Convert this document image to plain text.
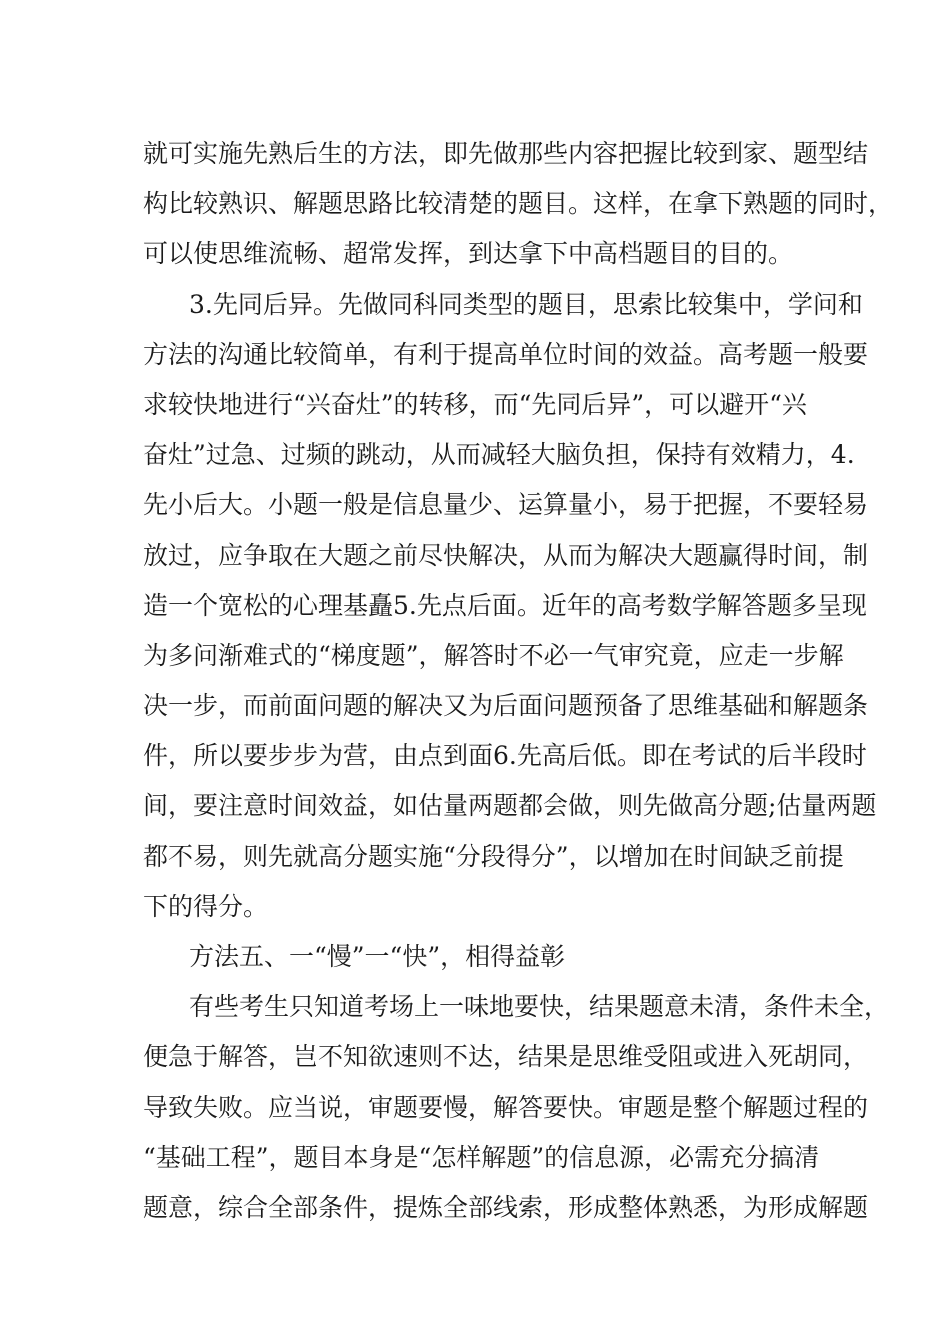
就可实施先熟后生的方法，即先做那些内容把握比较到家、题型结
构比较熟识、解题思路比较清楚的题目。这样，在拿下熟题的同时，
可以使思维流畅、超常发挥，到达拿下中高档题目的目的。
3.先同后异。先做同科同类型的题目，思索比较集中，学问和
方法的沟通比较简单，有利于提高单位时间的效益。高考题一般要
求较快地进行“兴奋灶”的转移，而“先同后异”，可以避开“兴
奋灶”过急、过频的跳动，从而减轻大脑负担，保持有效精力，4.
先小后大。小题一般是信息量少、运算量小，易于把握，不要轻易
放过，应争取在大题之前尽快解决，从而为解决大题赢得时间，制
造一个宽松的心理基矗5.先点后面。近年的高考数学解答题多呈现
为多问渐难式的“梯度题”，解答时不必一气审究竟，应走一步解
决一步，而前面问题的解决又为后面问题预备了思维基础和解题条
件，所以要步步为营，由点到面6.先高后低。即在考试的后半段时
间，要注意时间效益，如估量两题都会做，则先做高分题;估量两题
都不易，则先就高分题实施“分段得分”，以增加在时间缺乏前提
下的得分。
方法五、一“慢”一“快”，相得益彰
有些考生只知道考场上一味地要快，结果题意未清，条件未全，
便急于解答，岂不知欲速则不达，结果是思维受阻或进入死胡同，
导致失败。应当说，审题要慢，解答要快。审题是整个解题过程的
“基础工程”，题目本身是“怎样解题”的信息源，必需充分搞清
题意，综合全部条件，提炼全部线索，形成整体熟悉，为形成解题
